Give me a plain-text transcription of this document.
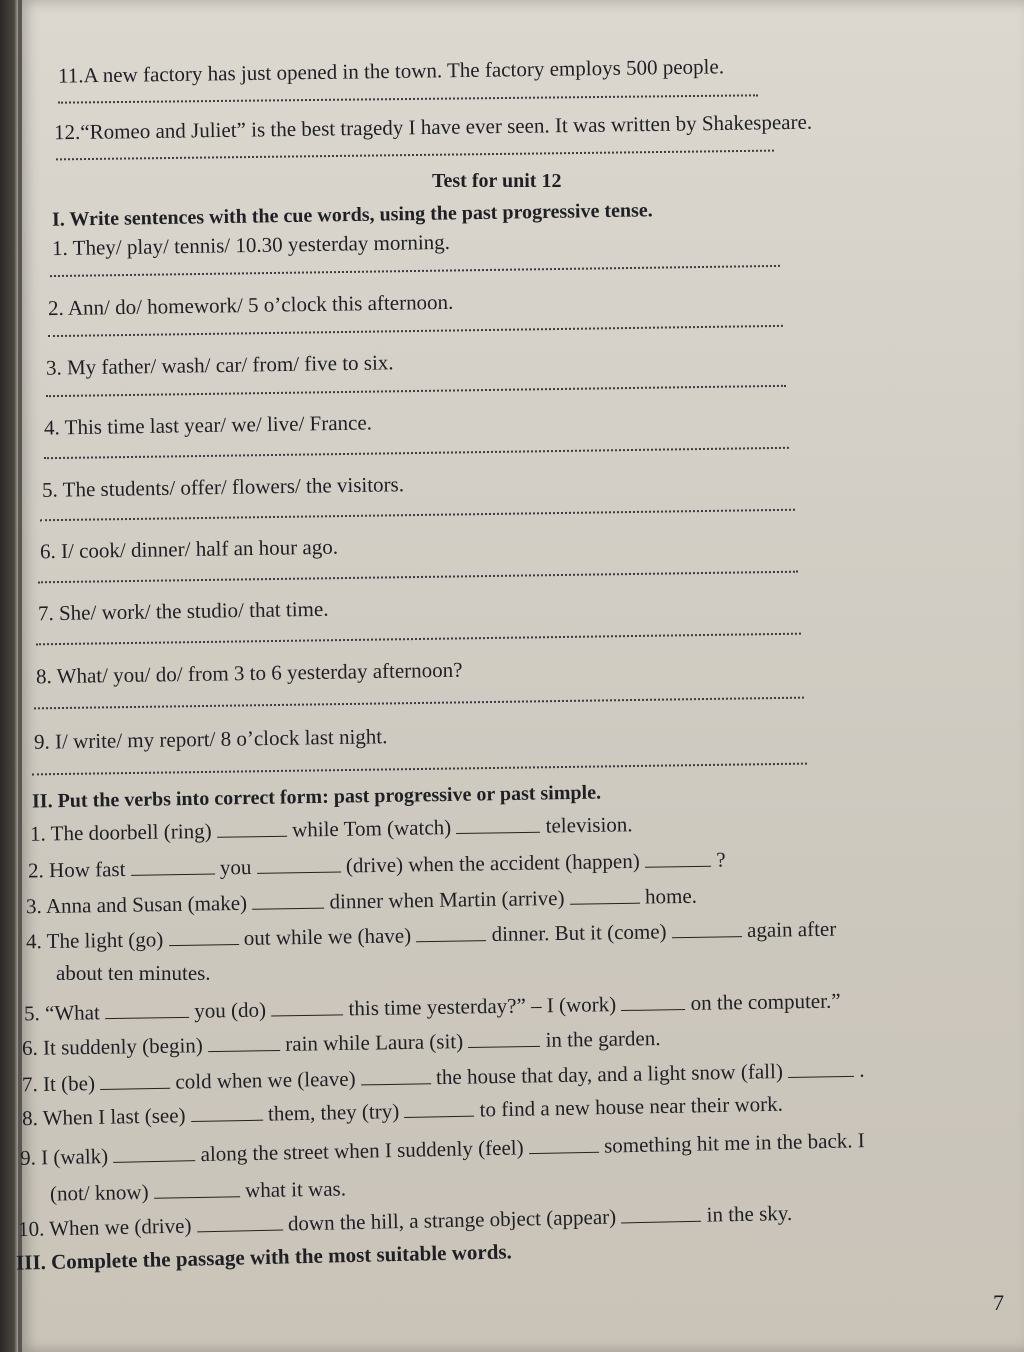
11.A new factory has just opened in the town. The factory employs 500 people.
12.“Romeo and Juliet” is the best tragedy I have ever seen. It was written by Shakespeare.
Test for unit 12
I. Write sentences with the cue words, using the past progressive tense.
1. They/ play/ tennis/ 10.30 yesterday morning.
2. Ann/ do/ homework/ 5 o’clock this afternoon.
3. My father/ wash/ car/ from/ five to six.
4. This time last year/ we/ live/ France.
5. The students/ offer/ flowers/ the visitors.
6. I/ cook/ dinner/ half an hour ago.
7. She/ work/ the studio/ that time.
8. What/ you/ do/ from 3 to 6 yesterday afternoon?
9. I/ write/ my report/ 8 o’clock last night.
II. Put the verbs into correct form: past progressive or past simple.
1. The doorbell (ring)	while Tom (watch)	television.
2. How fast	you	(drive) when the accident (happen)	?
3. Anna and Susan (make)	dinner when Martin (arrive)	home.
4. The light (go)	out while we (have)	dinner. But it (come)	again after
about ten minutes.
5. “What	you (do)	this time yesterday?” – I (work)	on the computer.”
6. It suddenly (begin)	rain while Laura (sit)	in the garden.
7. It (be)	cold when we (leave)	the house that day, and a light snow (fall)	.
8. When I last (see)	them, they (try)	to find a new house near their work.
9. I (walk)	along the street when I suddenly (feel)	something hit me in the back. I
(not/ know)	what it was.
10. When we (drive)	down the hill, a strange object (appear)	in the sky.
III. Complete the passage with the most suitable words.
7
